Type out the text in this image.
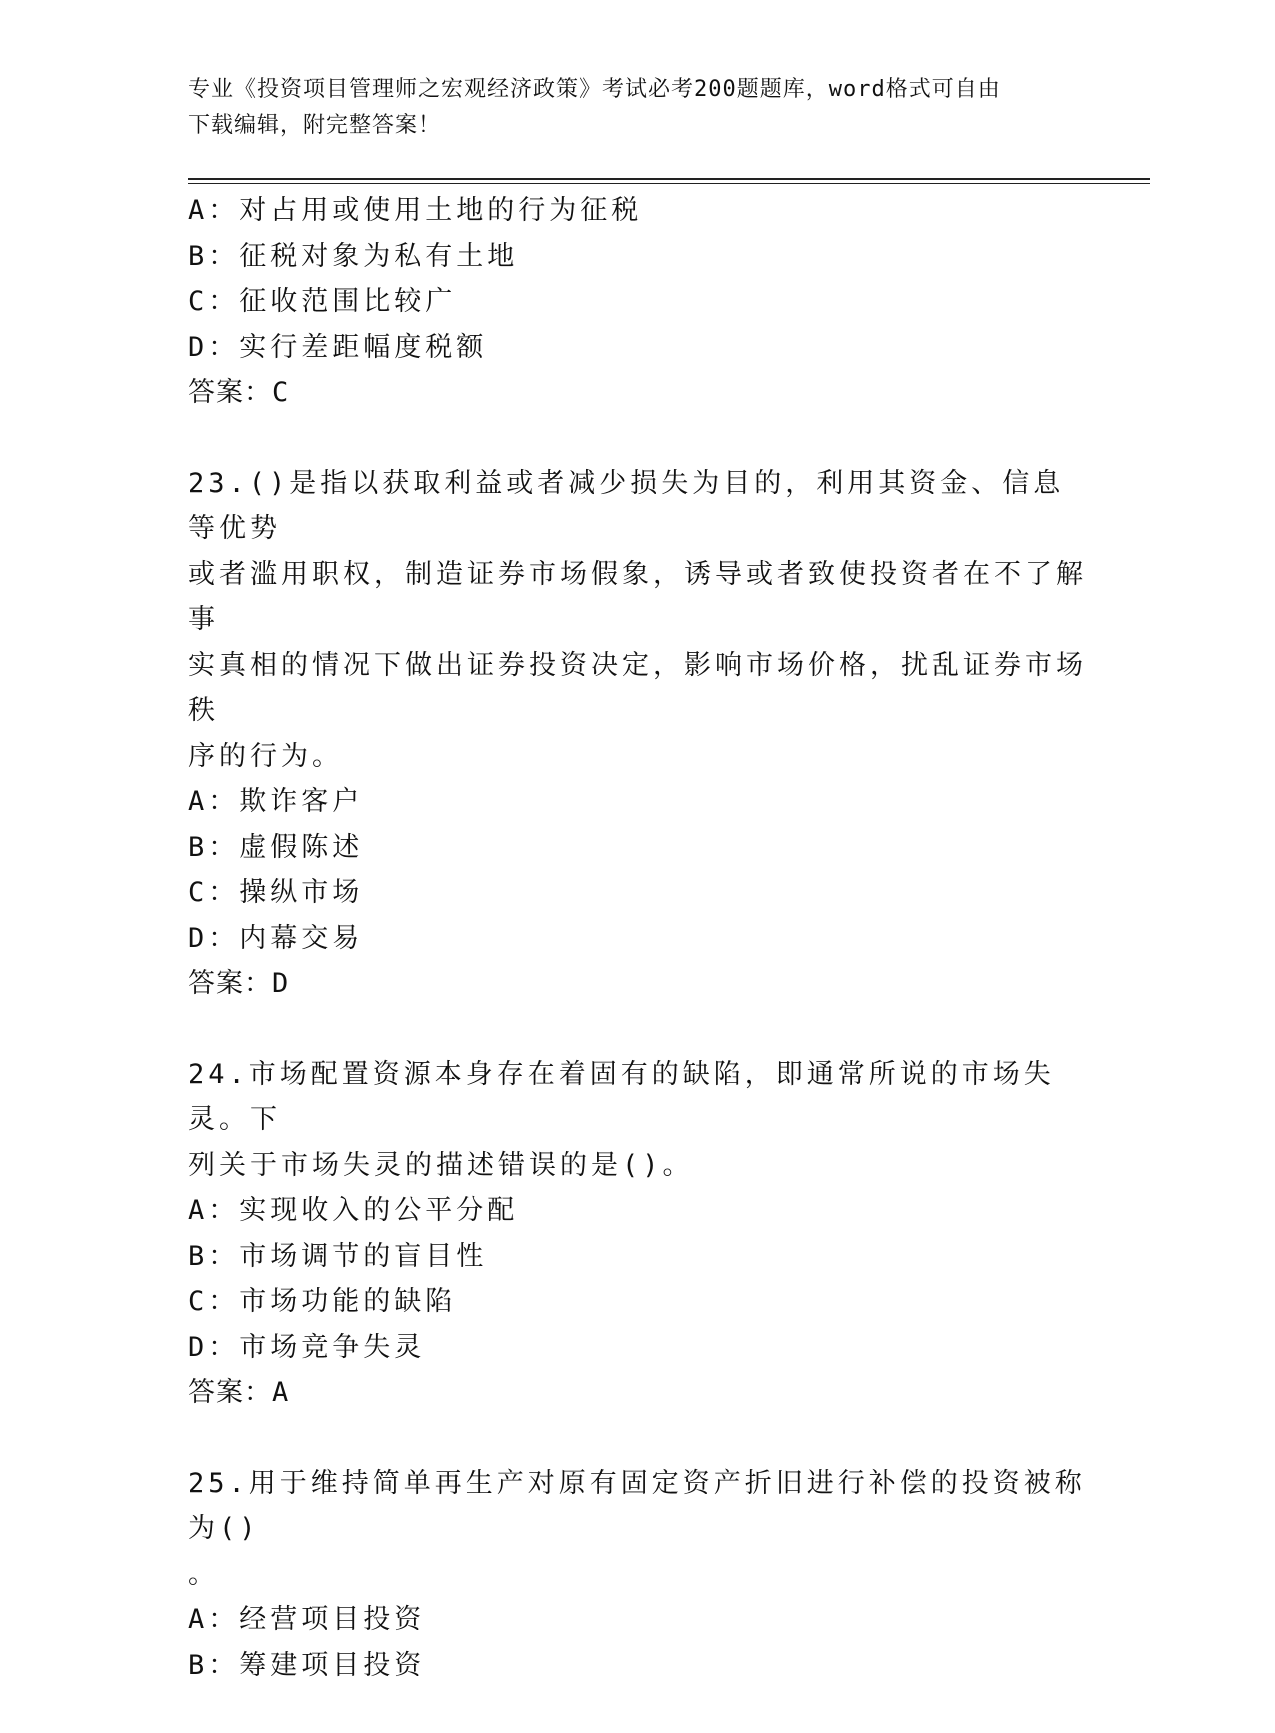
专业《投资项目管理师之宏观经济政策》考试必考200题题库，word格式可自由
下载编辑，附完整答案！

A：对占用或使用土地的行为征税

B：征税对象为私有土地

C：征收范围比较广

D：实行差距幅度税额

答案：C

23.()是指以获取利益或者减少损失为目的，利用其资金、信息等优势

或者滥用职权，制造证券市场假象，诱导或者致使投资者在不了解事

实真相的情况下做出证券投资决定，影响市场价格，扰乱证券市场秩

序的行为。

A：欺诈客户

B：虚假陈述

C：操纵市场

D：内幕交易

答案：D

24.市场配置资源本身存在着固有的缺陷，即通常所说的市场失灵。下

列关于市场失灵的描述错误的是()。

A：实现收入的公平分配

B：市场调节的盲目性

C：市场功能的缺陷

D：市场竞争失灵

答案：A

25.用于维持简单再生产对原有固定资产折旧进行补偿的投资被称为()

。

A：经营项目投资

B：筹建项目投资
